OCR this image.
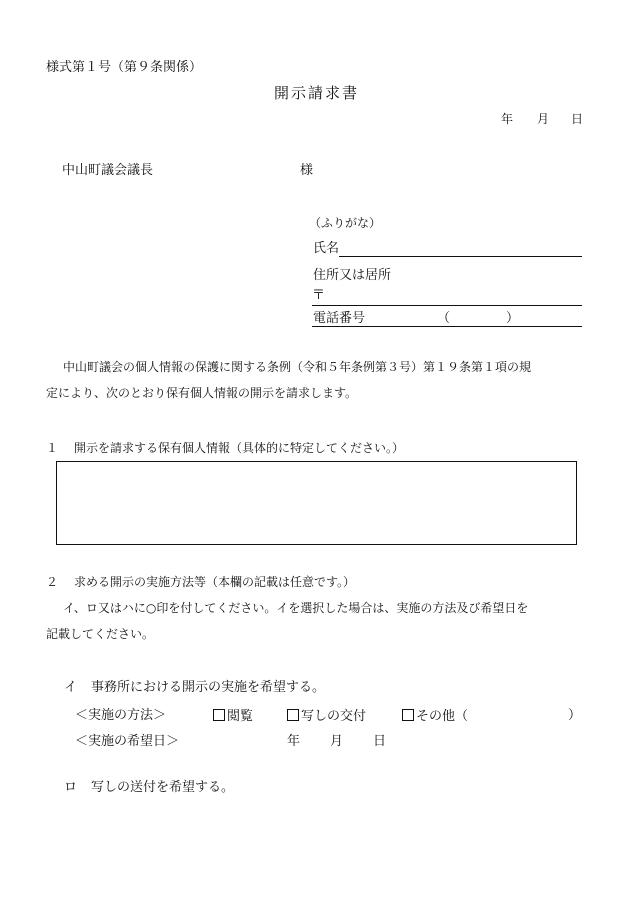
様式第１号（第９条関係）
開示請求書
年 月 日
中山町議会議長	様
（ふりがな）
氏名
住所又は居所
〒
電話番号	（	）
中山町議会の個人情報の保護に関する条例（令和５年条例第３号）第１９条第１項の規
定により、次のとおり保有個人情報の開示を請求します。
１ 開示を請求する保有個人情報（具体的に特定してください。）
２ 求める開示の実施方法等（本欄の記載は任意です。）
イ、ロ又はハに○印を付してください。イを選択した場合は、実施の方法及び希望日を
記載してください。
イ 事務所における開示の実施を希望する。
＜実施の方法＞	閲覧	写しの交付	その他（	）
＜実施の希望日＞	年 月 日
ロ 写しの送付を希望する。
